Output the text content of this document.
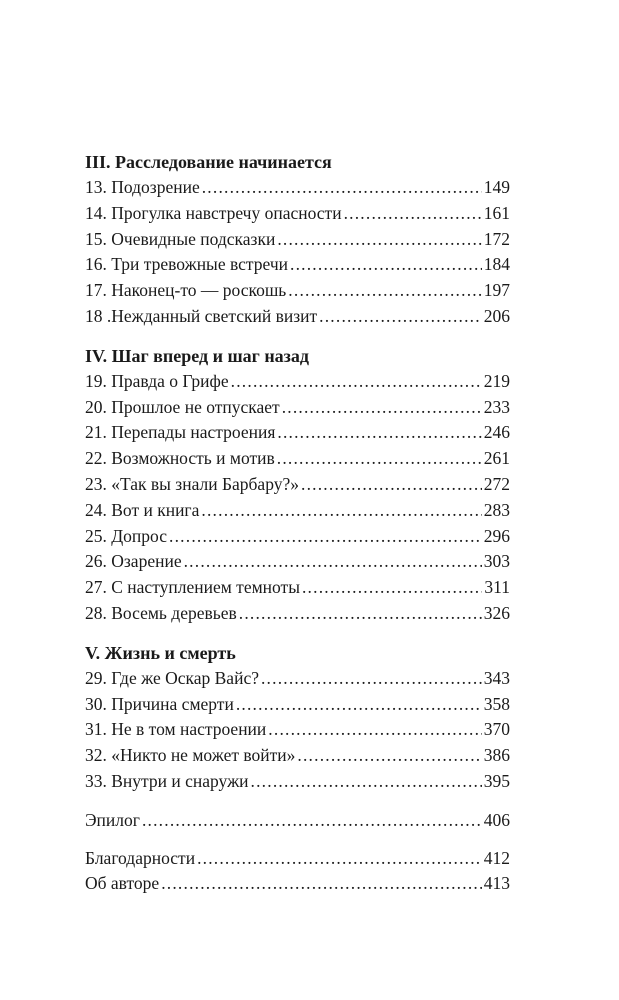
III. Расследование начинается
13. Подозрение .....	149
14. Прогулка навстречу опасности .....	161
15. Очевидные подсказки .....	172
16. Три тревожные встречи .....	184
17. Наконец-то — роскошь .....	197
18 .Нежданный светский визит .....	206
IV. Шаг вперед и шаг назад
19. Правда о Грифе .....	219
20. Прошлое не отпускает .....	233
21. Перепады настроения .....	246
22. Возможность и мотив .....	261
23. «Так вы знали Барбару?» .....	272
24. Вот и книга .....	283
25. Допрос .....	296
26. Озарение .....	303
27. С наступлением темноты .....	311
28. Восемь деревьев .....	326
V. Жизнь и смерть
29. Где же Оскар Вайс? .....	343
30. Причина смерти .....	358
31. Не в том настроении .....	370
32. «Никто не может войти» .....	386
33. Внутри и снаружи .....	395
Эпилог .....	406
Благодарности .....	412
Об авторе .....	413
